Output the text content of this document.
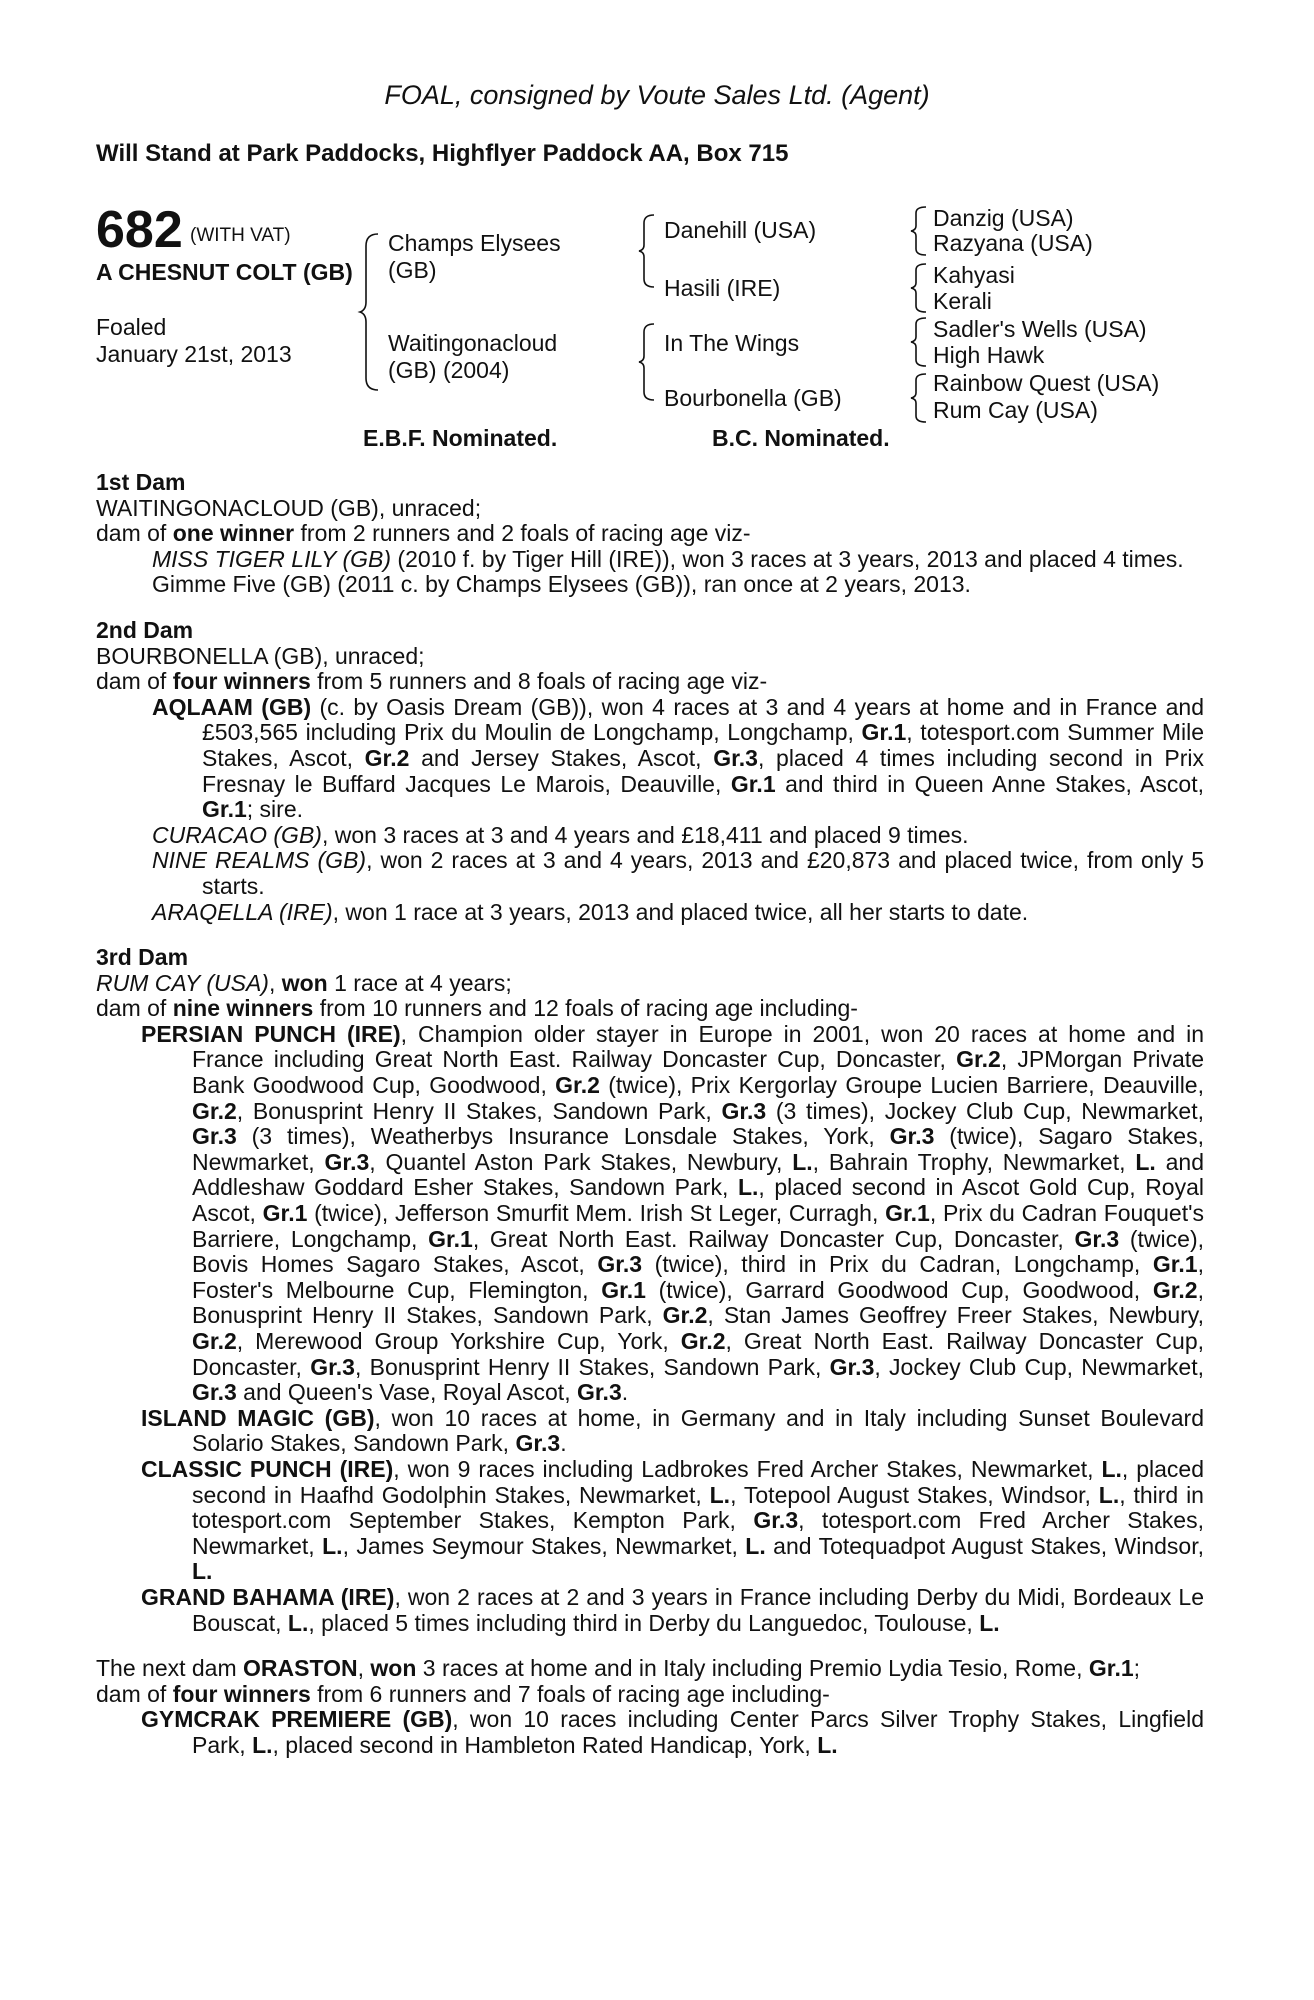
FOAL, consigned by Voute Sales Ltd. (Agent)
Will Stand at Park Paddocks, Highflyer Paddock AA, Box 715
682 (WITH VAT)
A CHESNUT COLT (GB)
Foaled
January 21st, 2013
Champs Elysees (GB)
Waitingonacloud (GB) (2004)
Danehill (USA)
Hasili (IRE)
In The Wings
Bourbonella (GB)
Danzig (USA)
Razyana (USA)
Kahyasi
Kerali
Sadler's Wells (USA)
High Hawk
Rainbow Quest (USA)
Rum Cay (USA)
E.B.F. Nominated.	B.C. Nominated.
1st Dam

WAITINGONACLOUD (GB), unraced;

dam of one winner from 2 runners and 2 foals of racing age viz-

MISS TIGER LILY (GB) (2010 f. by Tiger Hill (IRE)), won 3 races at 3 years, 2013 and placed 4 times.

Gimme Five (GB) (2011 c. by Champs Elysees (GB)), ran once at 2 years, 2013.

2nd Dam

BOURBONELLA (GB), unraced;

dam of four winners from 5 runners and 8 foals of racing age viz-

AQLAAM (GB) (c. by Oasis Dream (GB)), won 4 races at 3 and 4 years at home and in France and £503,565 including Prix du Moulin de Longchamp, Longchamp, Gr.1, totesport.com Summer Mile Stakes, Ascot, Gr.2 and Jersey Stakes, Ascot, Gr.3, placed 4 times including second in Prix Fresnay le Buffard Jacques Le Marois, Deauville, Gr.1 and third in Queen Anne Stakes, Ascot, Gr.1; sire.

CURACAO (GB), won 3 races at 3 and 4 years and £18,411 and placed 9 times.

NINE REALMS (GB), won 2 races at 3 and 4 years, 2013 and £20,873 and placed twice, from only 5 starts.

ARAQELLA (IRE), won 1 race at 3 years, 2013 and placed twice, all her starts to date.

3rd Dam

RUM CAY (USA), won 1 race at 4 years;

dam of nine winners from 10 runners and 12 foals of racing age including-

PERSIAN PUNCH (IRE), Champion older stayer in Europe in 2001, won 20 races at home and in France including Great North East. Railway Doncaster Cup, Doncaster, Gr.2, JPMorgan Private Bank Goodwood Cup, Goodwood, Gr.2 (twice), Prix Kergorlay Groupe Lucien Barriere, Deauville, Gr.2, Bonusprint Henry II Stakes, Sandown Park, Gr.3 (3 times), Jockey Club Cup, Newmarket, Gr.3 (3 times), Weatherbys Insurance Lonsdale Stakes, York, Gr.3 (twice), Sagaro Stakes, Newmarket, Gr.3, Quantel Aston Park Stakes, Newbury, L., Bahrain Trophy, Newmarket, L. and Addleshaw Goddard Esher Stakes, Sandown Park, L., placed second in Ascot Gold Cup, Royal Ascot, Gr.1 (twice), Jefferson Smurfit Mem. Irish St Leger, Curragh, Gr.1, Prix du Cadran Fouquet's Barriere, Longchamp, Gr.1, Great North East. Railway Doncaster Cup, Doncaster, Gr.3 (twice), Bovis Homes Sagaro Stakes, Ascot, Gr.3 (twice), third in Prix du Cadran, Longchamp, Gr.1, Foster's Melbourne Cup, Flemington, Gr.1 (twice), Garrard Goodwood Cup, Goodwood, Gr.2, Bonusprint Henry II Stakes, Sandown Park, Gr.2, Stan James Geoffrey Freer Stakes, Newbury, Gr.2, Merewood Group Yorkshire Cup, York, Gr.2, Great North East. Railway Doncaster Cup, Doncaster, Gr.3, Bonusprint Henry II Stakes, Sandown Park, Gr.3, Jockey Club Cup, Newmarket, Gr.3 and Queen's Vase, Royal Ascot, Gr.3.

ISLAND MAGIC (GB), won 10 races at home, in Germany and in Italy including Sunset Boulevard Solario Stakes, Sandown Park, Gr.3.

CLASSIC PUNCH (IRE), won 9 races including Ladbrokes Fred Archer Stakes, Newmarket, L., placed second in Haafhd Godolphin Stakes, Newmarket, L., Totepool August Stakes, Windsor, L., third in totesport.com September Stakes, Kempton Park, Gr.3, totesport.com Fred Archer Stakes, Newmarket, L., James Seymour Stakes, Newmarket, L. and Totequadpot August Stakes, Windsor, L.

GRAND BAHAMA (IRE), won 2 races at 2 and 3 years in France including Derby du Midi, Bordeaux Le Bouscat, L., placed 5 times including third in Derby du Languedoc, Toulouse, L.

The next dam ORASTON, won 3 races at home and in Italy including Premio Lydia Tesio, Rome, Gr.1;

dam of four winners from 6 runners and 7 foals of racing age including-

GYMCRAK PREMIERE (GB), won 10 races including Center Parcs Silver Trophy Stakes, Lingfield Park, L., placed second in Hambleton Rated Handicap, York, L.
